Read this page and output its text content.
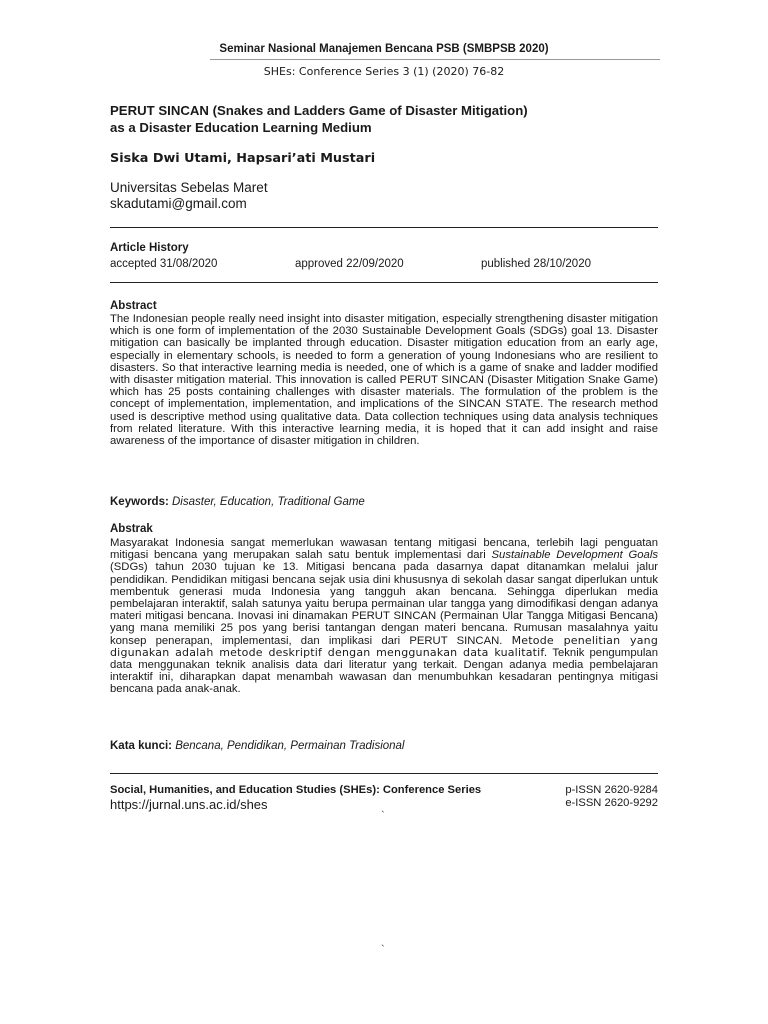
Seminar Nasional Manajemen Bencana PSB (SMBPSB 2020)
SHEs: Conference Series 3 (1) (2020) 76-82
PERUT SINCAN (Snakes and Ladders Game of Disaster Mitigation)
as a Disaster Education Learning Medium
Siska Dwi Utami, Hapsari’ati Mustari
Universitas Sebelas Maret
skadutami@gmail.com
Article History
accepted 31/08/2020	approved 22/09/2020	published 28/10/2020
Abstract

The Indonesian people really need insight into disaster mitigation, especially strengthening disaster mitigation which is one form of implementation of the 2030 Sustainable Development Goals (SDGs) goal 13. Disaster mitigation can basically be implanted through education. Disaster mitigation education from an early age, especially in elementary schools, is needed to form a generation of young Indonesians who are resilient to disasters. So that interactive learning media is needed, one of which is a game of snake and ladder modified with disaster mitigation material. This innovation is called PERUT SINCAN (Disaster Mitigation Snake Game) which has 25 posts containing challenges with disaster materials. The formulation of the problem is the concept of implementation, implementation, and implications of the SINCAN STATE. The research method used is descriptive method using qualitative data. Data collection techniques using data analysis techniques from related literature. With this interactive learning media, it is hoped that it can add insight and raise awareness of the importance of disaster mitigation in children.

Keywords: Disaster, Education, Traditional Game
Abstrak

Masyarakat Indonesia sangat memerlukan wawasan tentang mitigasi bencana, terlebih lagi penguatan mitigasi bencana yang merupakan salah satu bentuk implementasi dari Sustainable Development Goals (SDGs) tahun 2030 tujuan ke 13. Mitigasi bencana pada dasarnya dapat ditanamkan melalui jalur pendidikan. Pendidikan mitigasi bencana sejak usia dini khususnya di sekolah dasar sangat diperlukan untuk membentuk generasi muda Indonesia yang tangguh akan bencana. Sehingga diperlukan media pembelajaran interaktif, salah satunya yaitu berupa permainan ular tangga yang dimodifikasi dengan adanya materi mitigasi bencana. Inovasi ini dinamakan PERUT SINCAN (Permainan Ular Tangga Mitigasi Bencana) yang mana memiliki 25 pos yang berisi tantangan dengan materi bencana. Rumusan masalahnya yaitu konsep penerapan, implementasi, dan implikasi dari PERUT SINCAN. Metode penelitian yang digunakan adalah metode deskriptif dengan menggunakan data kualitatif. Teknik pengumpulan data menggunakan teknik analisis data dari literatur yang terkait. Dengan adanya media pembelajaran interaktif ini, diharapkan dapat menambah wawasan dan menumbuhkan kesadaran pentingnya mitigasi bencana pada anak-anak.

Kata kunci: Bencana, Pendidikan, Permainan Tradisional
Social, Humanities, and Education Studies (SHEs): Conference Series
https://jurnal.uns.ac.id/shes
p-ISSN 2620-9284
e-ISSN 2620-9292
`
`
